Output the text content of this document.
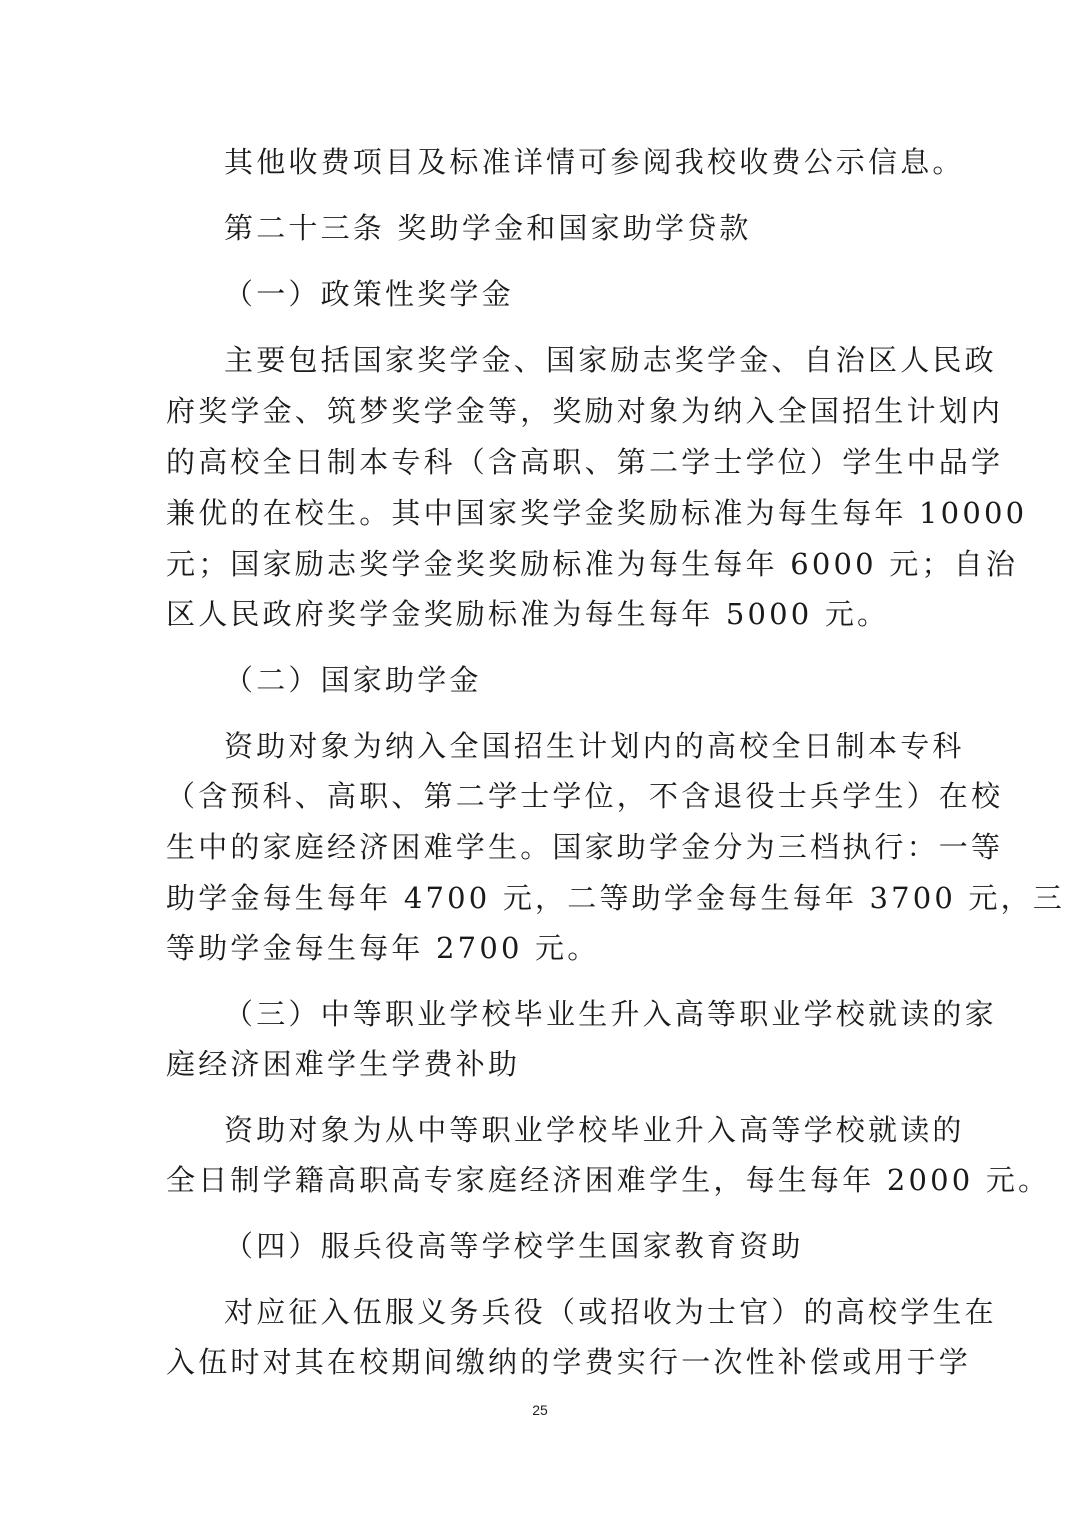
其他收费项目及标准详情可参阅我校收费公示信息。
第二十三条 奖助学金和国家助学贷款
（一）政策性奖学金
主要包括国家奖学金、国家励志奖学金、自治区人民政
府奖学金、筑梦奖学金等，奖励对象为纳入全国招生计划内
的高校全日制本专科（含高职、第二学士学位）学生中品学
兼优的在校生。其中国家奖学金奖励标准为每生每年 10000
元；国家励志奖学金奖奖励标准为每生每年 6000 元；自治
区人民政府奖学金奖励标准为每生每年 5000 元。
（二）国家助学金
资助对象为纳入全国招生计划内的高校全日制本专科
（含预科、高职、第二学士学位，不含退役士兵学生）在校
生中的家庭经济困难学生。国家助学金分为三档执行：一等
助学金每生每年 4700 元，二等助学金每生每年 3700 元，三
等助学金每生每年 2700 元。
（三）中等职业学校毕业生升入高等职业学校就读的家
庭经济困难学生学费补助
资助对象为从中等职业学校毕业升入高等学校就读的
全日制学籍高职高专家庭经济困难学生，每生每年 2000 元。
（四）服兵役高等学校学生国家教育资助
对应征入伍服义务兵役（或招收为士官）的高校学生在
入伍时对其在校期间缴纳的学费实行一次性补偿或用于学
25
